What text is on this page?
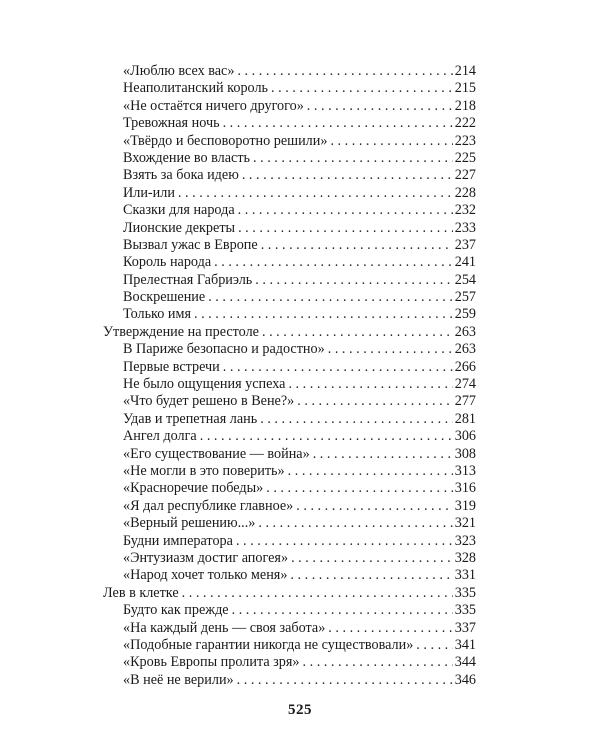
«Люблю всех вас» . . .	214
Неаполитанский король . . .	215
«Не остаётся ничего другого» . . .	218
Тревожная ночь . . .	222
«Твёрдо и бесповоротно решили» . . .	223
Вхождение во власть . . .	225
Взять за бока идею . . .	227
Или-или . . .	228
Сказки для народа . . .	232
Лионские декреты . . .	233
Вызвал ужас в Европе . . .	237
Король народа . . .	241
Прелестная Габриэль . . .	254
Воскрешение . . .	257
Только имя . . .	259
Утверждение на престоле . . .	263
В Париже безопасно и радостно» . . .	263
Первые встречи . . .	266
Не было ощущения успеха . . .	274
«Что будет решено в Вене?» . . .	277
Удав и трепетная лань . . .	281
Ангел долга . . .	306
«Его существование — война» . . .	308
«Не могли в это поверить» . . .	313
«Красноречие победы» . . .	316
«Я дал республике главное» . . .	319
«Верный решению...» . . .	321
Будни императора . . .	323
«Энтузиазм достиг апогея» . . .	328
«Народ хочет только меня» . . .	331
Лев в клетке . . .	335
Будто как прежде . . .	335
«На каждый день — своя забота» . . .	337
«Подобные гарантии никогда не существовали» . . .	341
«Кровь Европы пролита зря» . . .	344
«В неё не верили» . . .	346
525
